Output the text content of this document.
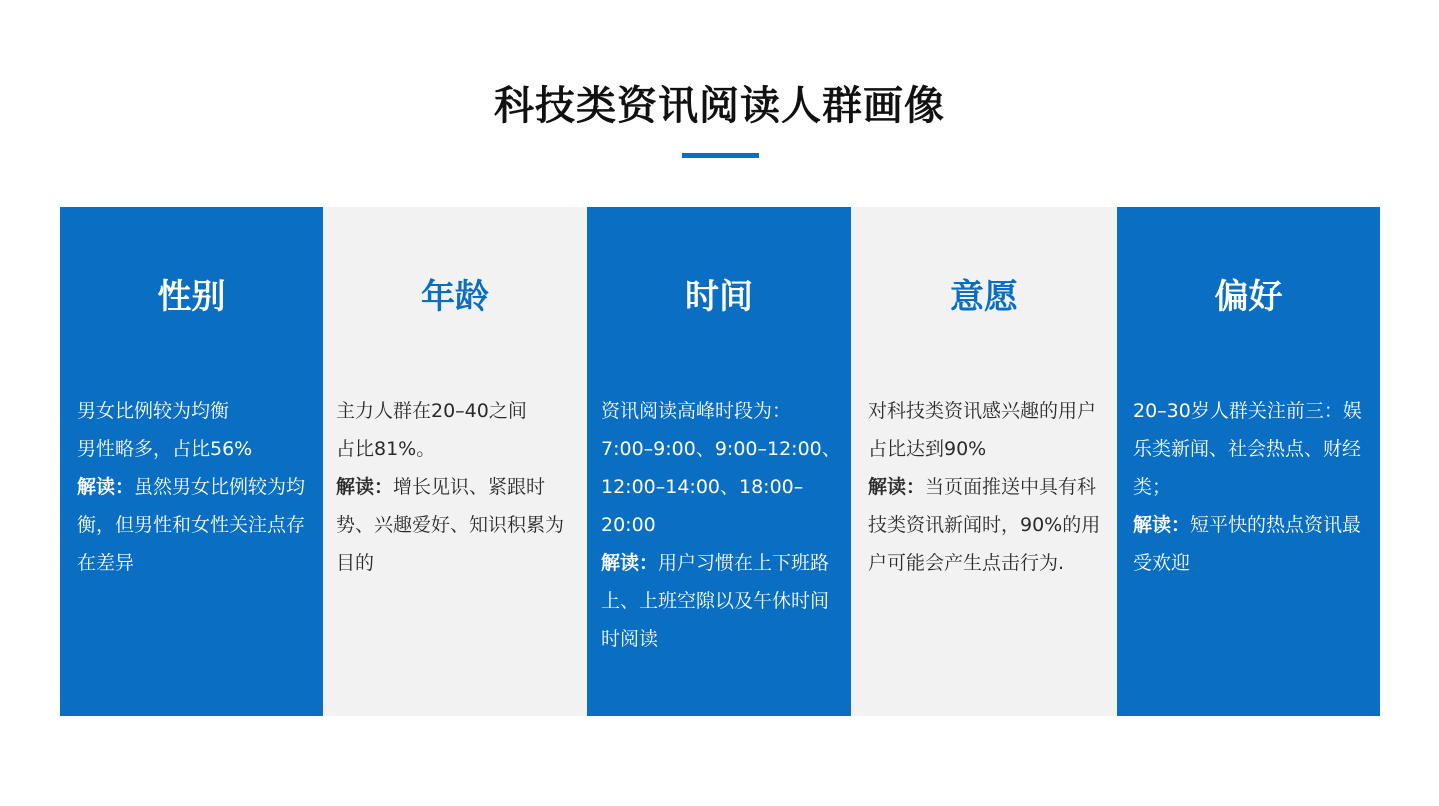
科技类资讯阅读人群画像
性别

男女比例较为均衡

男性略多，占比56%

解读：虽然男女比例较为均衡，但男性和女性关注点存在差异

年龄

主力人群在20–40之间

占比81%。

解读：增长见识、紧跟时势、兴趣爱好、知识积累为目的

时间

资讯阅读高峰时段为：

7:00–9:00、9:00–12:00、12:00–14:00、18:00–20:00

解读：用户习惯在上下班路上、上班空隙以及午休时间时阅读

意愿

对科技类资讯感兴趣的用户 占比达到90%

解读：当页面推送中具有科技类资讯新闻时，90%的用户可能会产生点击行为.

偏好

20–30岁人群关注前三：娱乐类新闻、社会热点、财经类；

解读：短平快的热点资讯最受欢迎
